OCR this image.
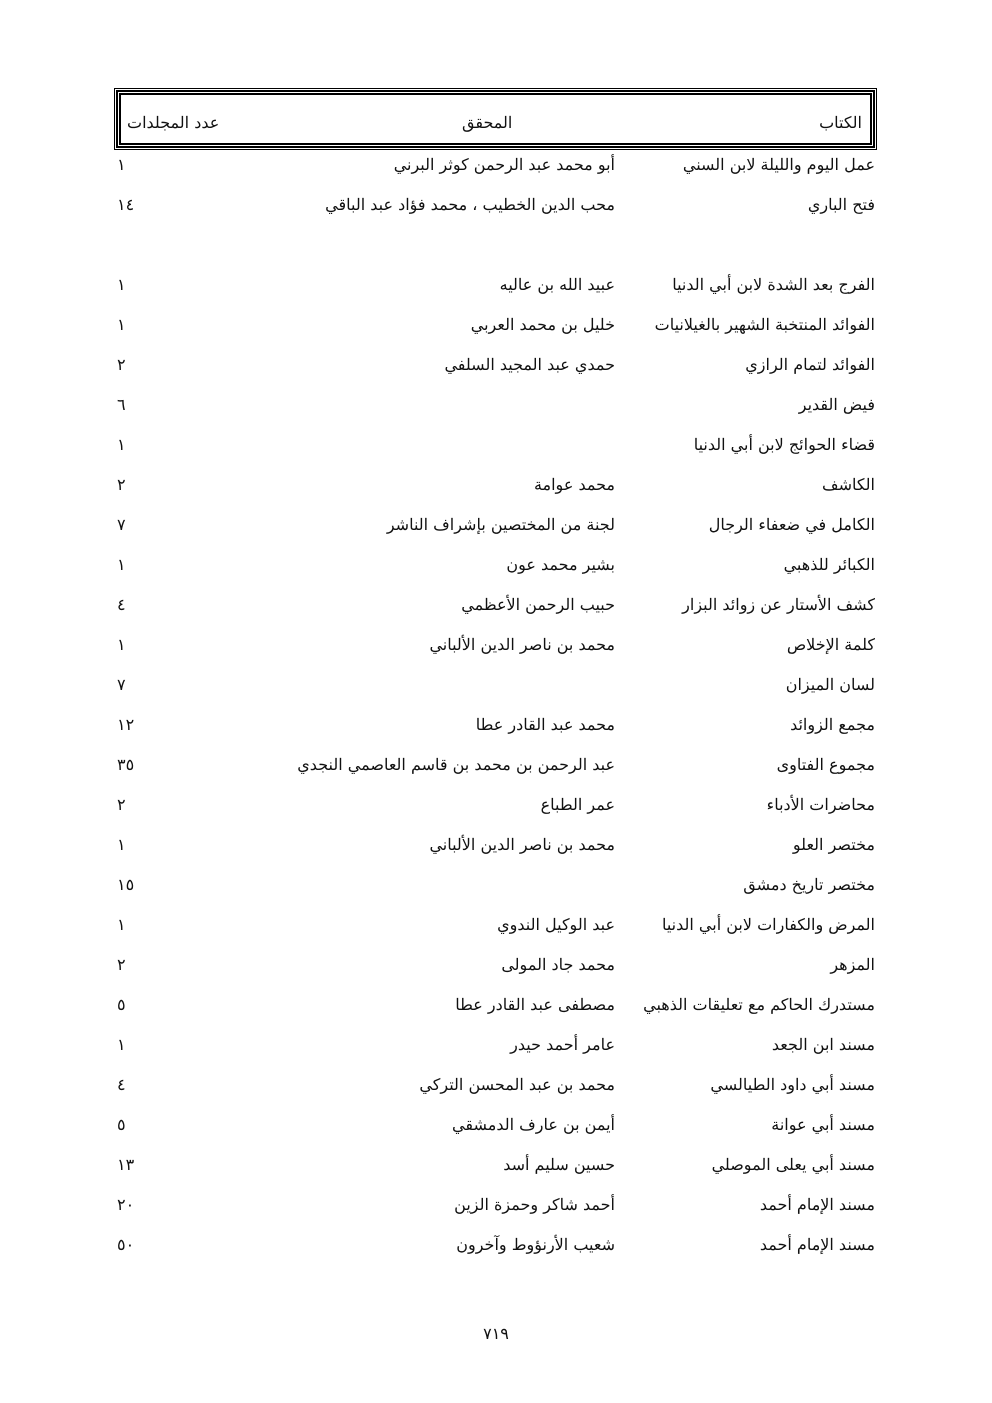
الكتاب
المحقق
عدد المجلدات
عمل اليوم والليلة لابن السني
أبو محمد عبد الرحمن كوثر البرني
١
فتح الباري
محب الدين الخطيب ، محمد فؤاد عبد الباقي
١٤
الفرج بعد الشدة لابن أبي الدنيا
عبيد الله بن عاليه
١
الفوائد المنتخبة الشهير بالغيلانيات
خليل بن محمد العربي
١
الفوائد لتمام الرازي
حمدي عبد المجيد السلفي
٢
فيض القدير
٦
قضاء الحوائج لابن أبي الدنيا
١
الكاشف
محمد عوامة
٢
الكامل في ضعفاء الرجال
لجنة من المختصين بإشراف الناشر
٧
الكبائر للذهبي
بشير محمد عون
١
كشف الأستار عن زوائد البزار
حبيب الرحمن الأعظمي
٤
كلمة الإخلاص
محمد بن ناصر الدين الألباني
١
لسان الميزان
٧
مجمع الزوائد
محمد عبد القادر عطا
١٢
مجموع الفتاوى
عبد الرحمن بن محمد بن قاسم العاصمي النجدي
٣٥
محاضرات الأدباء
عمر الطباع
٢
مختصر العلو
محمد بن ناصر الدين الألباني
١
مختصر تاريخ دمشق
١٥
المرض والكفارات لابن أبي الدنيا
عبد الوكيل الندوي
١
المزهر
محمد جاد المولى
٢
مستدرك الحاكم مع تعليقات الذهبي
مصطفى عبد القادر عطا
٥
مسند ابن الجعد
عامر أحمد حيدر
١
مسند أبي داود الطيالسي
محمد بن عبد المحسن التركي
٤
مسند أبي عوانة
أيمن بن عارف الدمشقي
٥
مسند أبي يعلى الموصلي
حسين سليم أسد
١٣
مسند الإمام أحمد
أحمد شاكر وحمزة الزين
٢٠
مسند الإمام أحمد
شعيب الأرنؤوط وآخرون
٥٠
٧١٩
